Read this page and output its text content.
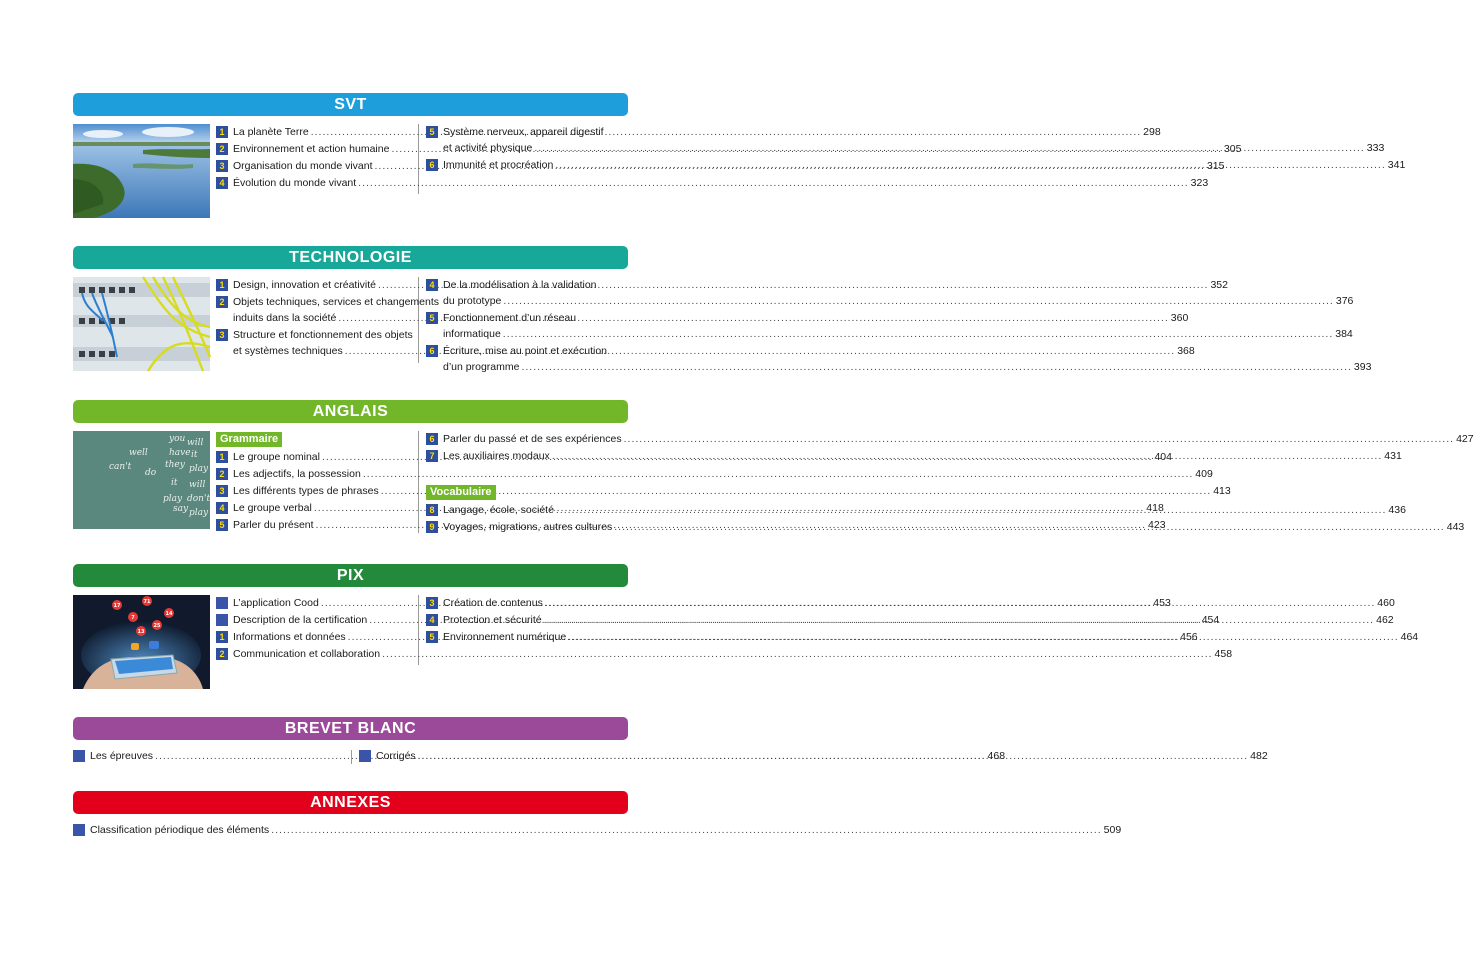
SVT
1 La planète Terre .....	298
2 Environnement et action humaine .....	305
3 Organisation du monde vivant .....	315
4 Évolution du monde vivant .....	323
5 Système nerveux, appareil digestif
et activité physique .....	333
6 Immunité et procréation .....	341
TECHNOLOGIE
1 Design, innovation et créativité .....	352
2 Objets techniques, services et changements
induits dans la société .....	360
3 Structure et fonctionnement des objets
et systèmes techniques .....	368
4 De la modélisation à la validation
du prototype .....	376
5 Fonctionnement d’un réseau
informatique .....	384
6 Écriture, mise au point et exécution
d’un programme .....	393
ANGLAIS
you will
have it
well
they play
can't
do
it will
play
say
don't
play
Grammaire
1 Le groupe nominal .....	404
2 Les adjectifs, la possession .....	409
3 Les différents types de phrases .....	413
4 Le groupe verbal .....	418
5 Parler du présent .....	423
6 Parler du passé et de ses expériences .....	427
7 Les auxiliaires modaux .....	431
Vocabulaire
8 Langage, école, société .....	436
9 Voyages, migrations, autres cultures .....	443
PIX
17
71
7
25
13
14
L’application Cood .....	453
Description de la certification .....	454
1 Informations et données .....	456
2 Communication et collaboration .....	458
3 Création de contenus .....	460
4 Protection et sécurité .....	462
5 Environnement numérique .....	464
BREVET BLANC
Les épreuves .....	468
Corrigés .....	482
ANNEXES
Classification périodique des éléments .....	509
